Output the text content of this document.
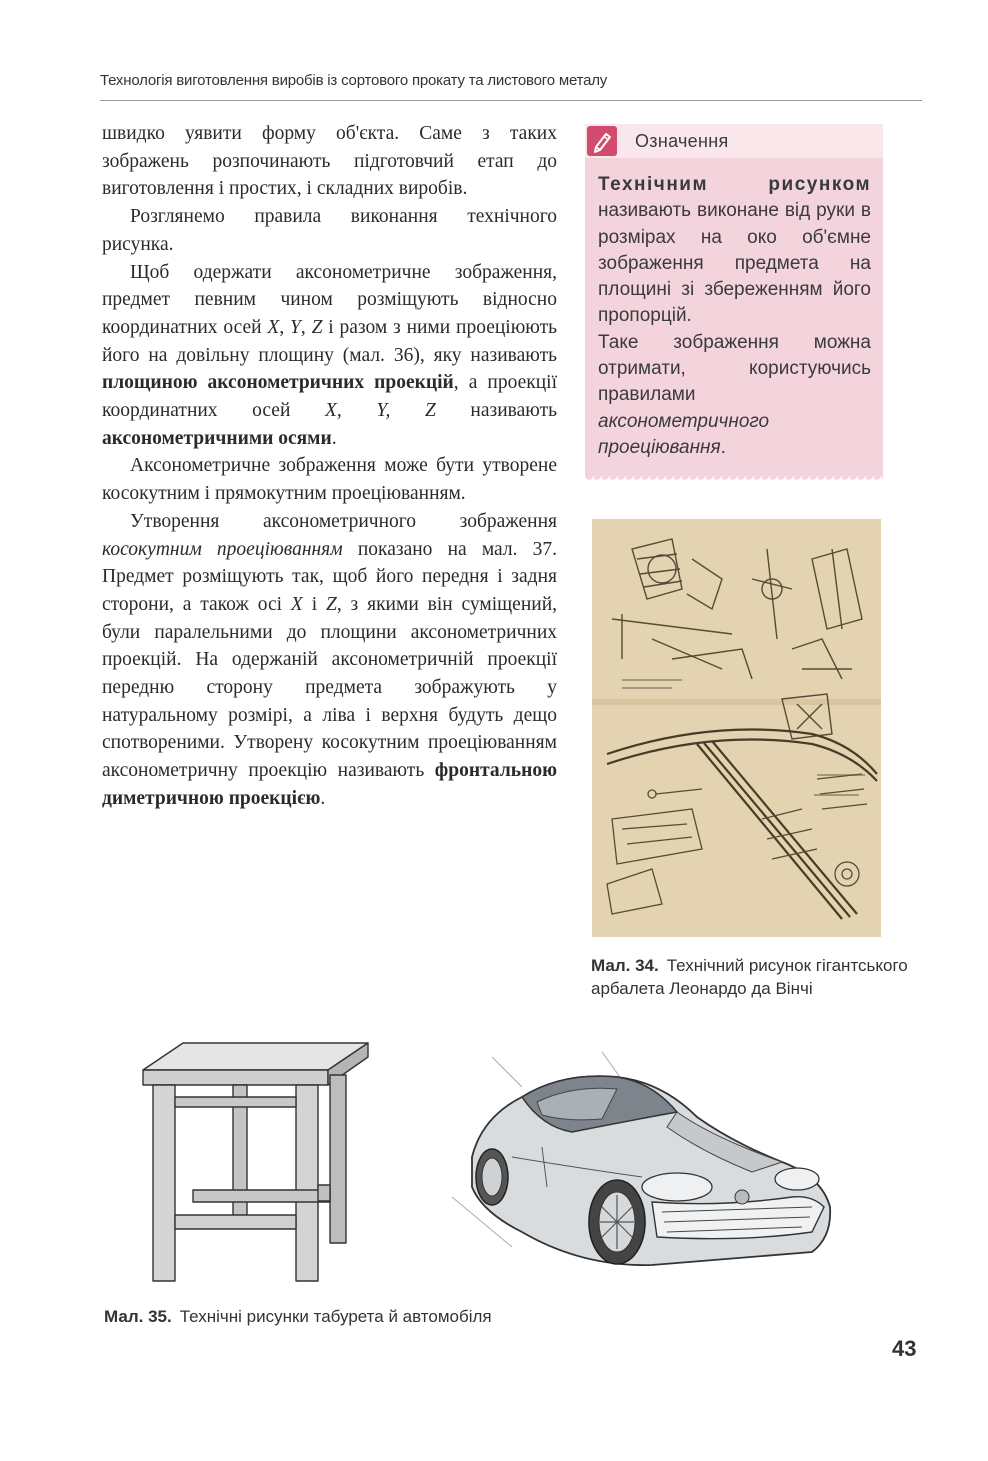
Технологія виготовлення виробів із сортового прокату та листового металу

швидко уявити форму об'єкта. Саме з таких зображень розпочинають підготовчий етап до виготовлення і простих, і складних виробів.

Розглянемо правила виконання технічного рисунка.

Щоб одержати аксонометричне зображення, предмет певним чином розміщують відносно координатних осей X, Y, Z і разом з ними проеціюють його на довільну площину (мал. 36), яку називають площиною аксонометричних проекцій, а проекції координатних осей X, Y, Z називають аксонометричними осями.

Аксонометричне зображення може бути утворене косокутним і прямокутним проеціюванням.

Утворення аксонометричного зображення косокутним проеціюванням показано на мал. 37. Предмет розміщують так, щоб його передня і задня сторони, а також осі X і Z, з якими він суміщений, були паралельними до площини аксонометричних проекцій. На одержаній аксонометричній проекції передню сторону предмета зображують у натуральному розмірі, а ліва і верхня будуть дещо спотвореними. Утворену косокутним проеціюванням аксонометричну проекцію називають фронтальною диметричною проекцією.

Означення

Технічним рисунком називають виконане від руки в розмірах на око об'ємне зображення предмета на площині зі збереженням його пропорцій.

Таке зображення можна отримати, користуючись правилами аксонометричного проеціювання.

Мал. 34. Технічний рисунок гігантського арбалета Леонардо да Вінчі
Мал. 35. Технічні рисунки табурета й автомобіля
43
